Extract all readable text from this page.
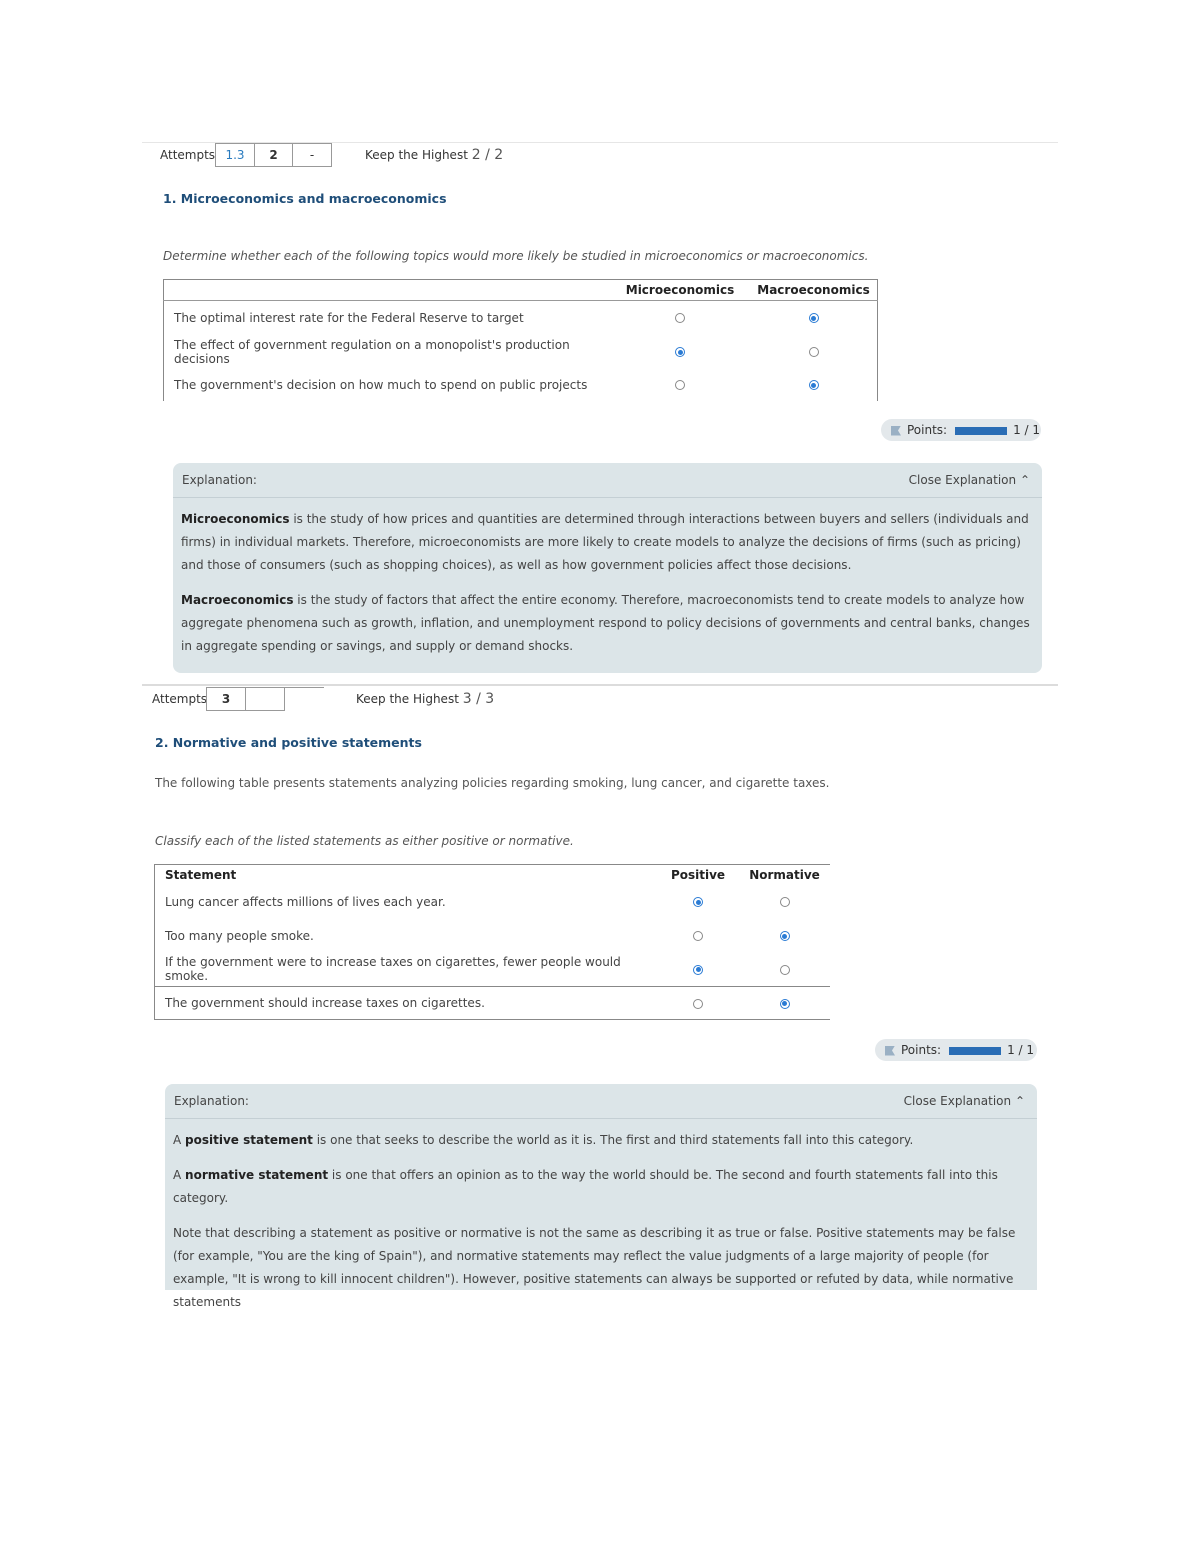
Attempts 1.3	2	-	Keep the Highest 2 / 2
1. Microeconomics and macroeconomics
Determine whether each of the following topics would more likely be studied in microeconomics or macroeconomics.
	Microeconomics	Macroeconomics
The optimal interest rate for the Federal Reserve to target		
The effect of government regulation on a monopolist's production decisions		
The government's decision on how much to spend on public projects		
Points:	1 / 1
Explanation:	Close Explanation ⌃

Microeconomics is the study of how prices and quantities are determined through interactions between buyers and sellers (individuals and firms) in individual markets. Therefore, microeconomists are more likely to create models to analyze the decisions of firms (such as pricing) and those of consumers (such as shopping choices), as well as how government policies affect those decisions.

Macroeconomics is the study of factors that affect the entire economy. Therefore, macroeconomists tend to create models to analyze how aggregate phenomena such as growth, inflation, and unemployment respond to policy decisions of governments and central banks, changes in aggregate spending or savings, and supply or demand shocks.

Attempts	3	Keep the Highest 3 / 3
2. Normative and positive statements
The following table presents statements analyzing policies regarding smoking, lung cancer, and cigarette taxes.
Classify each of the listed statements as either positive or normative.
Statement	Positive	Normative
Lung cancer affects millions of lives each year.		
Too many people smoke.		
If the government were to increase taxes on cigarettes, fewer people would smoke.		
The government should increase taxes on cigarettes.		
Points:	1 / 1
Explanation:	Close Explanation ⌃

A positive statement is one that seeks to describe the world as it is. The first and third statements fall into this category.

A normative statement is one that offers an opinion as to the way the world should be. The second and fourth statements fall into this category.

Note that describing a statement as positive or normative is not the same as describing it as true or false. Positive statements may be false (for example, "You are the king of Spain"), and normative statements may reflect the value judgments of a large majority of people (for example, "It is wrong to kill innocent children"). However, positive statements can always be supported or refuted by data, while normative statements
